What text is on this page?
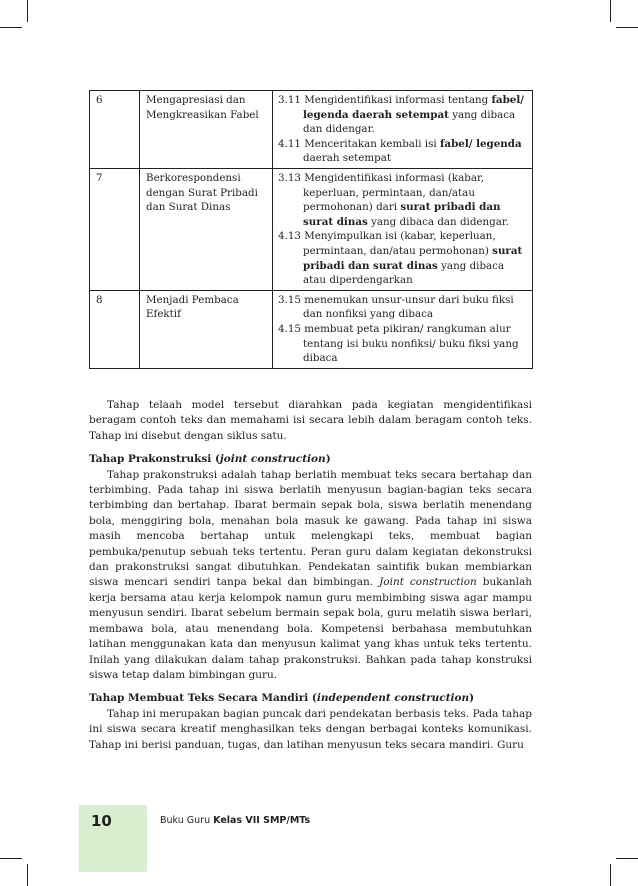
6	Mengapresiasi dan Mengkreasikan Fabel	3.11 Mengidentifikasi informasi tentang fabel/ legenda daerah setempat yang dibaca dan didengar.
4.11 Menceritakan kembali isi fabel/ legenda daerah setempat

7	Berkorespondensi dengan Surat Pribadi dan Surat Dinas	3.13 Mengidentifikasi informasi (kabar, keperluan, permintaan, dan/atau permohonan) dari surat pribadi dan surat dinas yang dibaca dan didengar.
4.13 Menyimpulkan isi (kabar, keperluan, permintaan, dan/atau permohonan) surat pribadi dan surat dinas yang dibaca atau diperdengarkan

8	Menjadi Pembaca Efektif	3.15 menemukan unsur-unsur dari buku fiksi dan nonfiksi yang dibaca
4.15 membuat peta pikiran/ rangkuman alur tentang isi buku nonfiksi/ buku fiksi yang dibaca

Tahap telaah model tersebut diarahkan pada kegiatan mengidentifikasi beragam contoh teks dan memahami isi secara lebih dalam beragam contoh teks. Tahap ini disebut dengan siklus satu.

Tahap Prakonstruksi (joint construction)

Tahap prakonstruksi adalah tahap berlatih membuat teks secara bertahap dan terbimbing. Pada tahap ini siswa berlatih menyusun bagian-bagian teks secara terbimbing dan bertahap. Ibarat bermain sepak bola, siswa berlatih menendang bola, menggiring bola, menahan bola masuk ke gawang. Pada tahap ini siswa masih mencoba bertahap untuk melengkapi teks, membuat bagian pembuka/penutup sebuah teks tertentu. Peran guru dalam kegiatan dekonstruksi dan prakonstruksi sangat dibutuhkan. Pendekatan saintifik bukan membiarkan siswa mencari sendiri tanpa bekal dan bimbingan. Joint construction bukanlah kerja bersama atau kerja kelompok namun guru membimbing siswa agar mampu menyusun sendiri. Ibarat sebelum bermain sepak bola, guru melatih siswa berlari, membawa bola, atau menendang bola. Kompetensi berbahasa membutuhkan latihan menggunakan kata dan menyusun kalimat yang khas untuk teks tertentu. Inilah yang dilakukan dalam tahap prakonstruksi. Bahkan pada tahap konstruksi siswa tetap dalam bimbingan guru.

Tahap Membuat Teks Secara Mandiri (independent construction)

Tahap ini merupakan bagian puncak dari pendekatan berbasis teks. Pada tahap ini siswa secara kreatif menghasilkan teks dengan berbagai konteks komunikasi. Tahap ini berisi panduan, tugas, dan latihan menyusun teks secara mandiri. Guru

10	Buku Guru Kelas VII SMP/MTs
